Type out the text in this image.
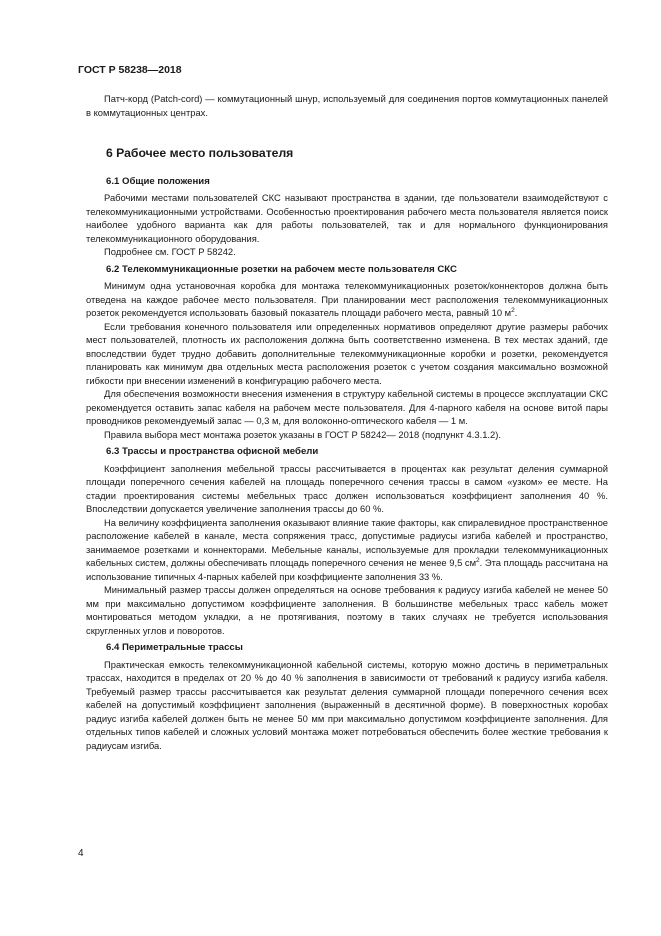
ГОСТ Р 58238—2018

Патч-корд (Patch-cord) — коммутационный шнур, используемый для соединения портов коммутационных панелей в коммутационных центрах.

6 Рабочее место пользователя
6.1 Общие положения

Рабочими местами пользователей СКС называют пространства в здании, где пользователи взаимодействуют с телекоммуникационными устройствами. Особенностью проектирования рабочего места пользователя является поиск наиболее удобного варианта как для работы пользователей, так и для нормального функционирования телекоммуникационного оборудования.

Подробнее см. ГОСТ Р 58242.

6.2 Телекоммуникационные розетки на рабочем месте пользователя СКС

Минимум одна установочная коробка для монтажа телекоммуникационных розеток/коннекторов должна быть отведена на каждое рабочее место пользователя. При планировании мест расположения телекоммуникационных розеток рекомендуется использовать базовый показатель площади рабочего места, равный 10 $м^2$.

Если требования конечного пользователя или определенных нормативов определяют другие размеры рабочих мест пользователей, плотность их расположения должна быть соответственно изменена. В тех местах зданий, где впоследствии будет трудно добавить дополнительные телекоммуникационные коробки и розетки, рекомендуется планировать как минимум два отдельных места расположения розеток с учетом создания максимально возможной гибкости при внесении изменений в конфигурацию рабочего места.

Для обеспечения возможности внесения изменения в структуру кабельной системы в процессе эксплуатации СКС рекомендуется оставить запас кабеля на рабочем месте пользователя. Для 4-парного кабеля на основе витой пары проводников рекомендуемый запас — 0,3 м, для волоконно-оптического кабеля — 1 м.

Правила выбора мест монтажа розеток указаны в ГОСТ Р 58242— 2018 (подпункт 4.3.1.2).

6.3 Трассы и пространства офисной мебели

Коэффициент заполнения мебельной трассы рассчитывается в процентах как результат деления суммарной площади поперечного сечения кабелей на площадь поперечного сечения трассы в самом «узком» ее месте. На стадии проектирования системы мебельных трасс должен использоваться коэффициент заполнения 40 %. Впоследствии допускается увеличение заполнения трассы до 60 %.

На величину коэффициента заполнения оказывают влияние такие факторы, как спиралевидное пространственное расположение кабелей в канале, места сопряжения трасс, допустимые радиусы изгиба кабелей и пространство, занимаемое розетками и коннекторами. Мебельные каналы, используемые для прокладки телекоммуникационных кабельных систем, должны обеспечивать площадь поперечного сечения не менее 9,5 $см^2$. Эта площадь рассчитана на использование типичных 4-парных кабелей при коэффициенте заполнения 33 %.

Минимальный размер трассы должен определяться на основе требования к радиусу изгиба кабелей не менее 50 мм при максимально допустимом коэффициенте заполнения. В большинстве мебельных трасс кабель может монтироваться методом укладки, а не протягивания, поэтому в таких случаях не требуется использования скругленных углов и поворотов.

6.4 Периметральные трассы

Практическая емкость телекоммуникационной кабельной системы, которую можно достичь в периметральных трассах, находится в пределах от 20 % до 40 % заполнения в зависимости от требований к радиусу изгиба кабеля. Требуемый размер трассы рассчитывается как результат деления суммарной площади поперечного сечения всех кабелей на допустимый коэффициент заполнения (выраженный в десятичной форме). В поверхностных коробах радиус изгиба кабелей должен быть не менее 50 мм при максимально допустимом коэффициенте заполнения. Для отдельных типов кабелей и сложных условий монтажа может потребоваться обеспечить более жесткие требования к радиусам изгиба.

4
